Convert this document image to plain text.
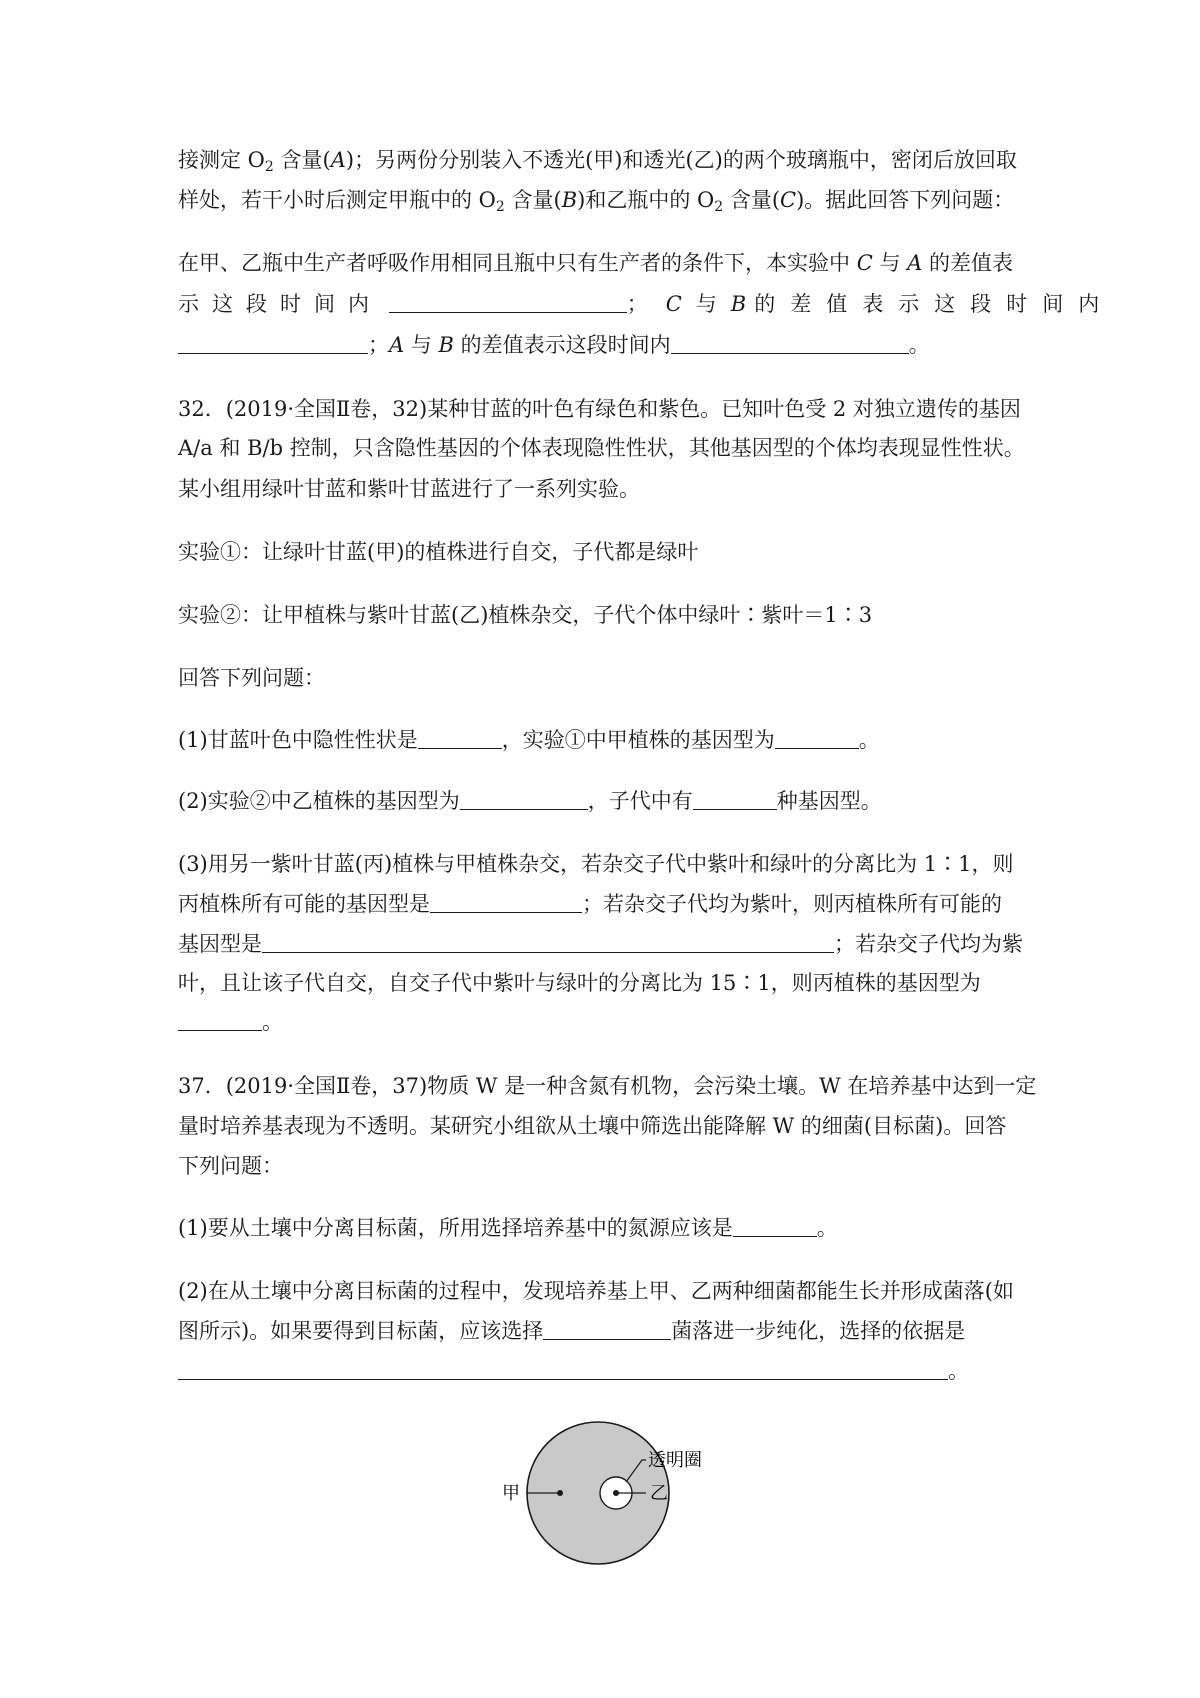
接测定 $O_2$ 含量(A)；另两份分别装入不透光(甲)和透光(乙)的两个玻璃瓶中，密闭后放回取
样处，若干小时后测定甲瓶中的 $O_2$ 含量(B)和乙瓶中的 $O_2$ 含量(C)。据此回答下列问题：
在甲、乙瓶中生产者呼吸作用相同且瓶中只有生产者的条件下，本实验中 C 与 A 的差值表
示这段时间内	； C 与 B 的差值表示这段时间内
；A 与 B 的差值表示这段时间内	。
32．(2019·全国Ⅱ卷，32)某种甘蓝的叶色有绿色和紫色。已知叶色受 2 对独立遗传的基因
A/a 和 B/b 控制，只含隐性基因的个体表现隐性性状，其他基因型的个体均表现显性性状。
某小组用绿叶甘蓝和紫叶甘蓝进行了一系列实验。
实验①：让绿叶甘蓝(甲)的植株进行自交，子代都是绿叶
实验②：让甲植株与紫叶甘蓝(乙)植株杂交，子代个体中绿叶∶紫叶＝1∶3
回答下列问题：
(1)甘蓝叶色中隐性性状是	，实验①中甲植株的基因型为	。
(2)实验②中乙植株的基因型为	，子代中有	种基因型。
(3)用另一紫叶甘蓝(丙)植株与甲植株杂交，若杂交子代中紫叶和绿叶的分离比为 1∶1，则
丙植株所有可能的基因型是	；若杂交子代均为紫叶，则丙植株所有可能的
基因型是	；若杂交子代均为紫
叶，且让该子代自交，自交子代中紫叶与绿叶的分离比为 15∶1，则丙植株的基因型为
。
37．(2019·全国Ⅱ卷，37)物质 W 是一种含氮有机物，会污染土壤。W 在培养基中达到一定
量时培养基表现为不透明。某研究小组欲从土壤中筛选出能降解 W 的细菌(目标菌)。回答
下列问题：
(1)要从土壤中分离目标菌，所用选择培养基中的氮源应该是	。
(2)在从土壤中分离目标菌的过程中，发现培养基上甲、乙两种细菌都能生长并形成菌落(如
图所示)。如果要得到目标菌，应该选择	菌落进一步纯化，选择的依据是
。
透明圈
甲	乙
